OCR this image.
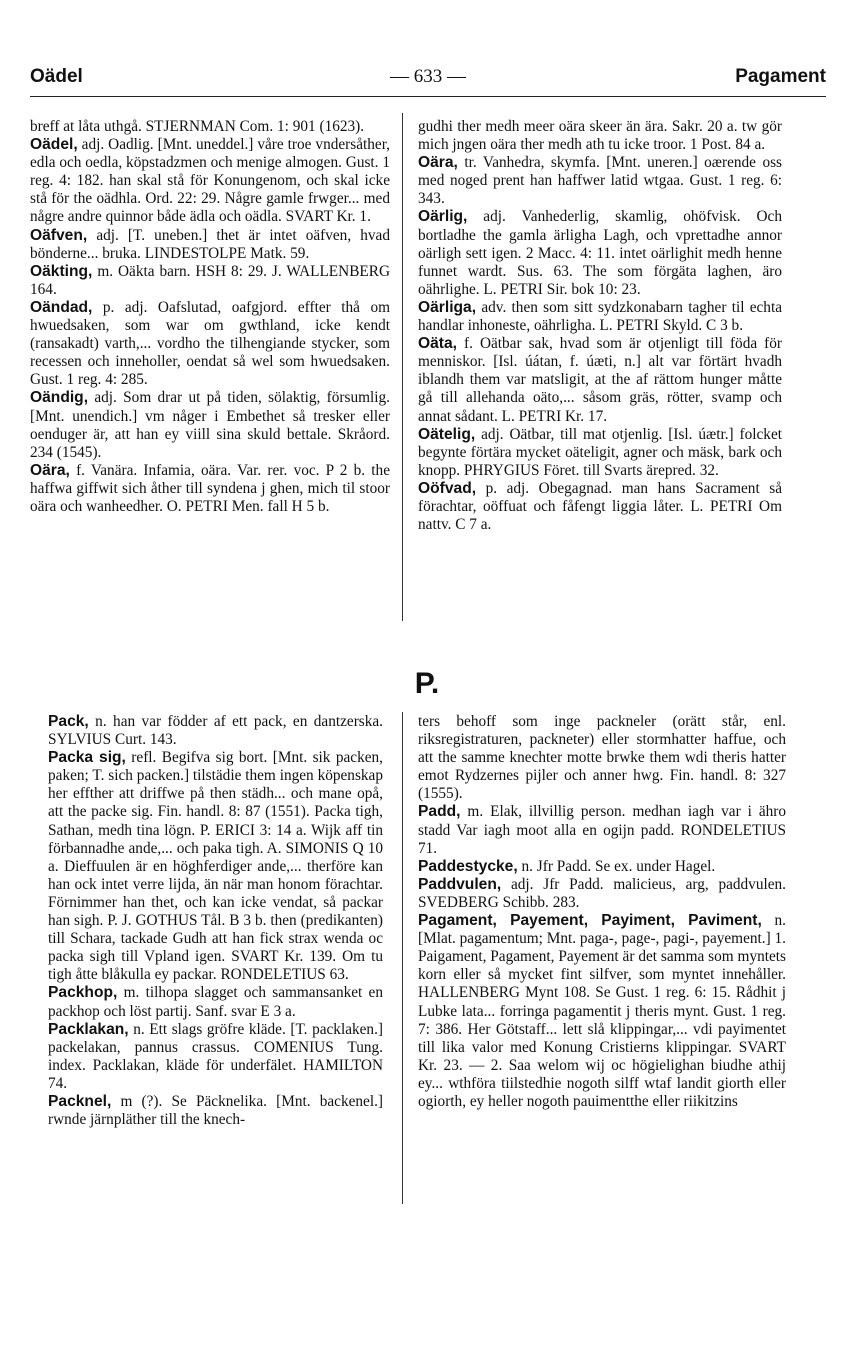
Oädel	— 633 —	Pagament

breff at låta uthgå. STJERNMAN Com. 1: 901 (1623).

Oädel, adj. Oadlig. [Mnt. uneddel.] våre troe vndersåther, edla och oedla, köpstadzmen och menige almogen. Gust. 1 reg. 4: 182. han skal stå för Konungenom, och skal icke stå för the oädhla. Ord. 22: 29. Någre gamle frwger... med någre andre quinnor både ädla och oädla. SVART Kr. 1.

Oäfven, adj. [T. uneben.] thet är intet oäfven, hvad bönderne... bruka. LINDESTOLPE Matk. 59.

Oäkting, m. Oäkta barn. HSH 8: 29. J. WALLENBERG 164.

Oändad, p. adj. Oafslutad, oafgjord. effter thå om hwuedsaken, som war om gwthland, icke kendt (ransakadt) varth,... vordho the tilhengiande stycker, som recessen och inneholler, oendat så wel som hwuedsaken. Gust. 1 reg. 4: 285.

Oändig, adj. Som drar ut på tiden, sölaktig, försumlig. [Mnt. unendich.] vm någer i Embethet så tresker eller oenduger är, att han ey viill sina skuld bettale. Skråord. 234 (1545).

Oära, f. Vanära. Infamia, oära. Var. rer. voc. P 2 b. the haffwa giffwit sich åther till syndena j ghen, mich til stoor oära och wanheedher. O. PETRI Men. fall H 5 b.

gudhi ther medh meer oära skeer än ära. Sakr. 20 a. tw gör mich jngen oära ther medh ath tu icke troor. 1 Post. 84 a.

Oära, tr. Vanhedra, skymfa. [Mnt. uneren.] oærende oss med noged prent han haffwer latid wtgaa. Gust. 1 reg. 6: 343.

Oärlig, adj. Vanhederlig, skamlig, ohöfvisk. Och bortladhe the gamla ärligha Lagh, och vprettadhe annor oärligh sett igen. 2 Macc. 4: 11. intet oärlighit medh henne funnet wardt. Sus. 63. The som förgäta laghen, äro oährlighe. L. PETRI Sir. bok 10: 23.

Oärliga, adv. then som sitt sydzkonabarn tagher til echta handlar inhoneste, oährligha. L. PETRI Skyld. C 3 b.

Oäta, f. Oätbar sak, hvad som är otjenligt till föda för menniskor. [Isl. úátan, f. úæti, n.] alt var förtärt hvadh iblandh them var matsligit, at the af rättom hunger måtte gå till allehanda oäto,... såsom gräs, rötter, svamp och annat sådant. L. PETRI Kr. 17.

Oätelig, adj. Oätbar, till mat otjenlig. [Isl. úætr.] folcket begynte förtära mycket oäteligit, agner och mäsk, bark och knopp. PHRYGIUS Föret. till Svarts ärepred. 32.

Oöfvad, p. adj. Obegagnad. man hans Sacrament så förachtar, oöffuat och fåfengt liggia låter. L. PETRI Om nattv. C 7 a.

P.

Pack, n. han var födder af ett pack, en dantzerska. SYLVIUS Curt. 143.

Packa sig, refl. Begifva sig bort. [Mnt. sik packen, paken; T. sich packen.] tilstädie them ingen köpenskap her effther att driffwe på then städh... och mane opå, att the packe sig. Fin. handl. 8: 87 (1551). Packa tigh, Sathan, medh tina lögn. P. ERICI 3: 14 a. Wijk aff tin förbannadhe ande,... och paka tigh. A. SIMONIS Q 10 a. Dieffuulen är en höghferdiger ande,... therföre kan han ock intet verre lijda, än när man honom förachtar. Förnimmer han thet, och kan icke vendat, så packar han sigh. P. J. GOTHUS Tål. B 3 b. then (predikanten) till Schara, tackade Gudh att han fick strax wenda oc packa sigh till Vpland igen. SVART Kr. 139. Om tu tigh åtte blåkulla ey packar. RONDELETIUS 63.

Packhop, m. tilhopa slagget och sammansanket en packhop och löst partij. Sanf. svar E 3 a.

Packlakan, n. Ett slags gröfre kläde. [T. packlaken.] packelakan, pannus crassus. COMENIUS Tung. index. Packlakan, kläde för underfälet. HAMILTON 74.

Packnel, m (?). Se Päcknelika. [Mnt. backenel.] rwnde järnpläther till the knech-

ters behoff som inge packneler (orätt står, enl. riksregistraturen, packneter) eller stormhatter haffue, och att the samme knechter motte brwke them wdi theris hatter emot Rydzernes pijler och anner hwg. Fin. handl. 8: 327 (1555).

Padd, m. Elak, illvillig person. medhan iagh var i ähro stadd Var iagh moot alla en ogijn padd. RONDELETIUS 71.

Paddestycke, n. Jfr Padd. Se ex. under Hagel.

Paddvulen, adj. Jfr Padd. malicieus, arg, paddvulen. SVEDBERG Schibb. 283.

Pagament, Payement, Payiment, Paviment, n. [Mlat. pagamentum; Mnt. paga-, page-, pagi-, payement.] 1. Paigament, Pagament, Payement är det samma som myntets korn eller så mycket fint silfver, som myntet innehåller. HALLENBERG Mynt 108. Se Gust. 1 reg. 6: 15. Rådhit j Lubke lata... forringa pagamentit j theris mynt. Gust. 1 reg. 7: 386. Her Götstaff... lett slå klippingar,... vdi payimentet till lika valor med Konung Cristierns klippingar. SVART Kr. 23. — 2. Saa welom wij oc högielighan biudhe athij ey... wthföra tiilstedhie nogoth silff wtaf landit giorth eller ogiorth, ey heller nogoth pauimentthe eller riikitzins
